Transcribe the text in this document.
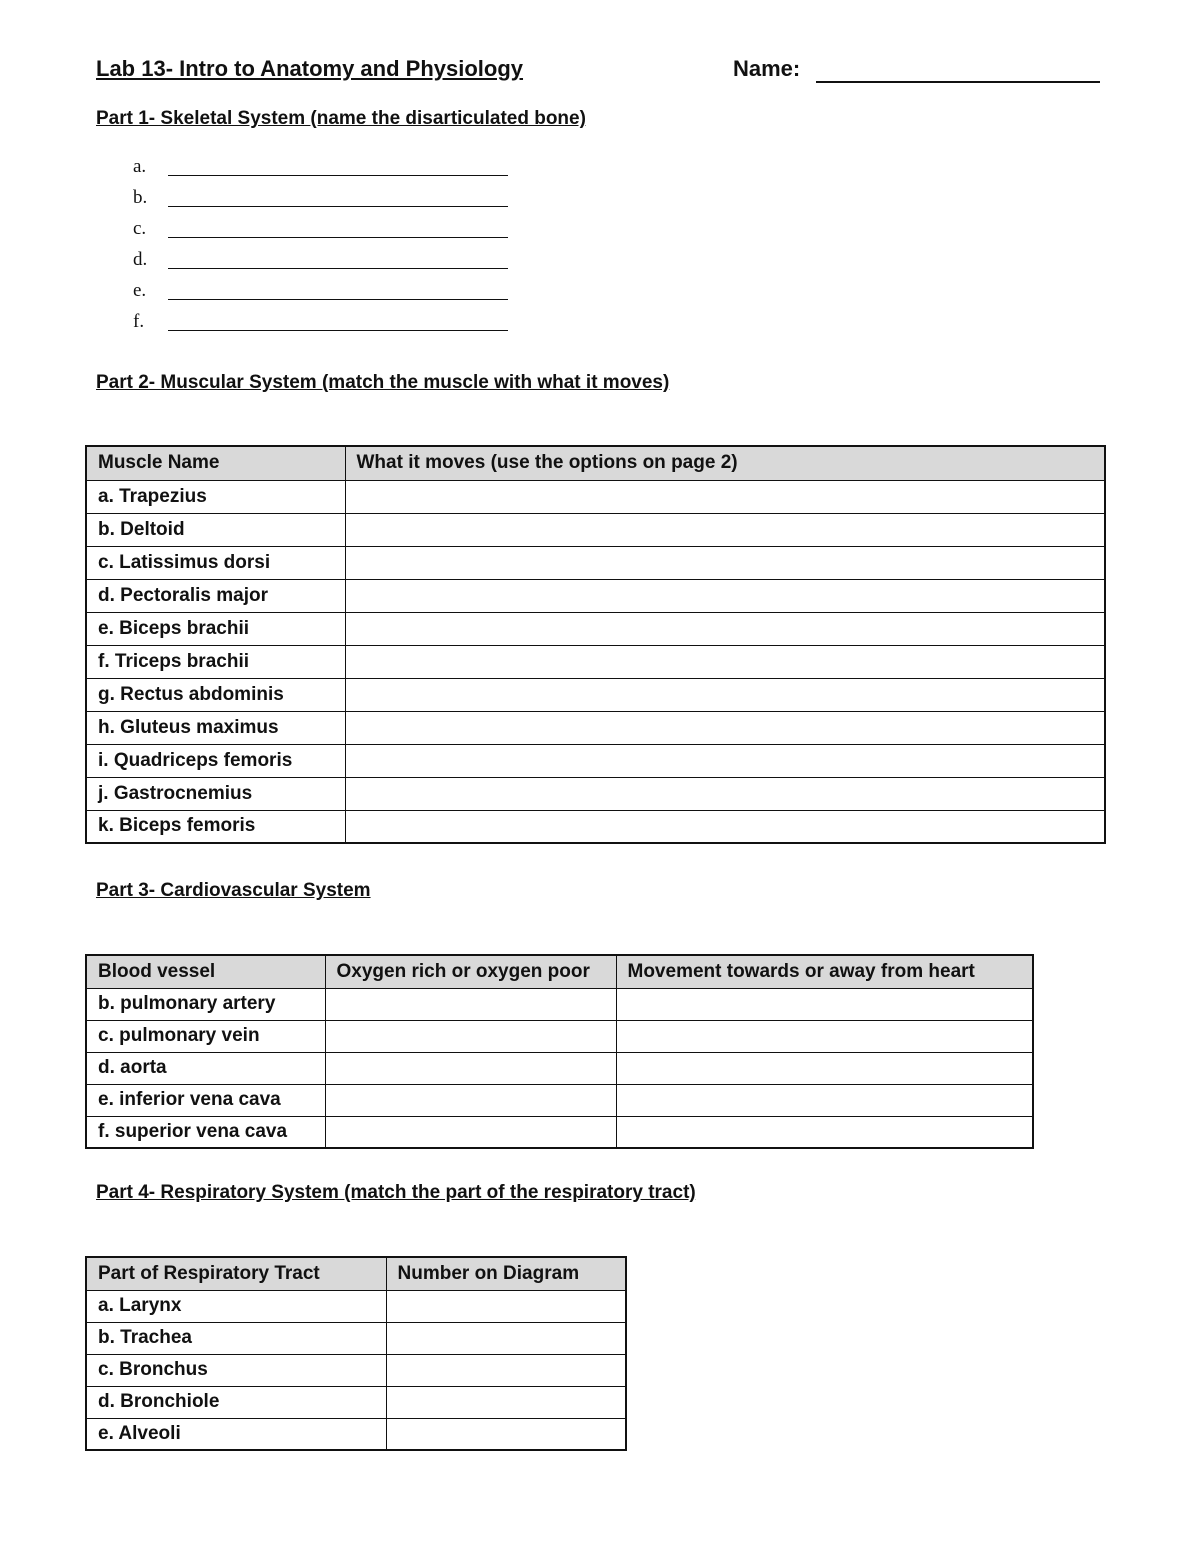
Lab 13- Intro to Anatomy and Physiology	Name:
Part 1- Skeletal System (name the disarticulated bone)
a.
b.
c.
d.
e.
f.
Part 2- Muscular System (match the muscle with what it moves)
Muscle Name	What it moves (use the options on page 2)
a. Trapezius	
b. Deltoid	
c. Latissimus dorsi	
d. Pectoralis major	
e. Biceps brachii	
f. Triceps brachii	
g. Rectus abdominis	
h. Gluteus maximus	
i. Quadriceps femoris	
j. Gastrocnemius	
k. Biceps femoris	
Part 3- Cardiovascular System
Blood vessel	Oxygen rich or oxygen poor	Movement towards or away from heart
b. pulmonary artery		
c. pulmonary vein		
d. aorta		
e. inferior vena cava		
f. superior vena cava		
Part 4- Respiratory System (match the part of the respiratory tract)
Part of Respiratory Tract	Number on Diagram
a. Larynx	
b. Trachea	
c. Bronchus	
d. Bronchiole	
e. Alveoli	
